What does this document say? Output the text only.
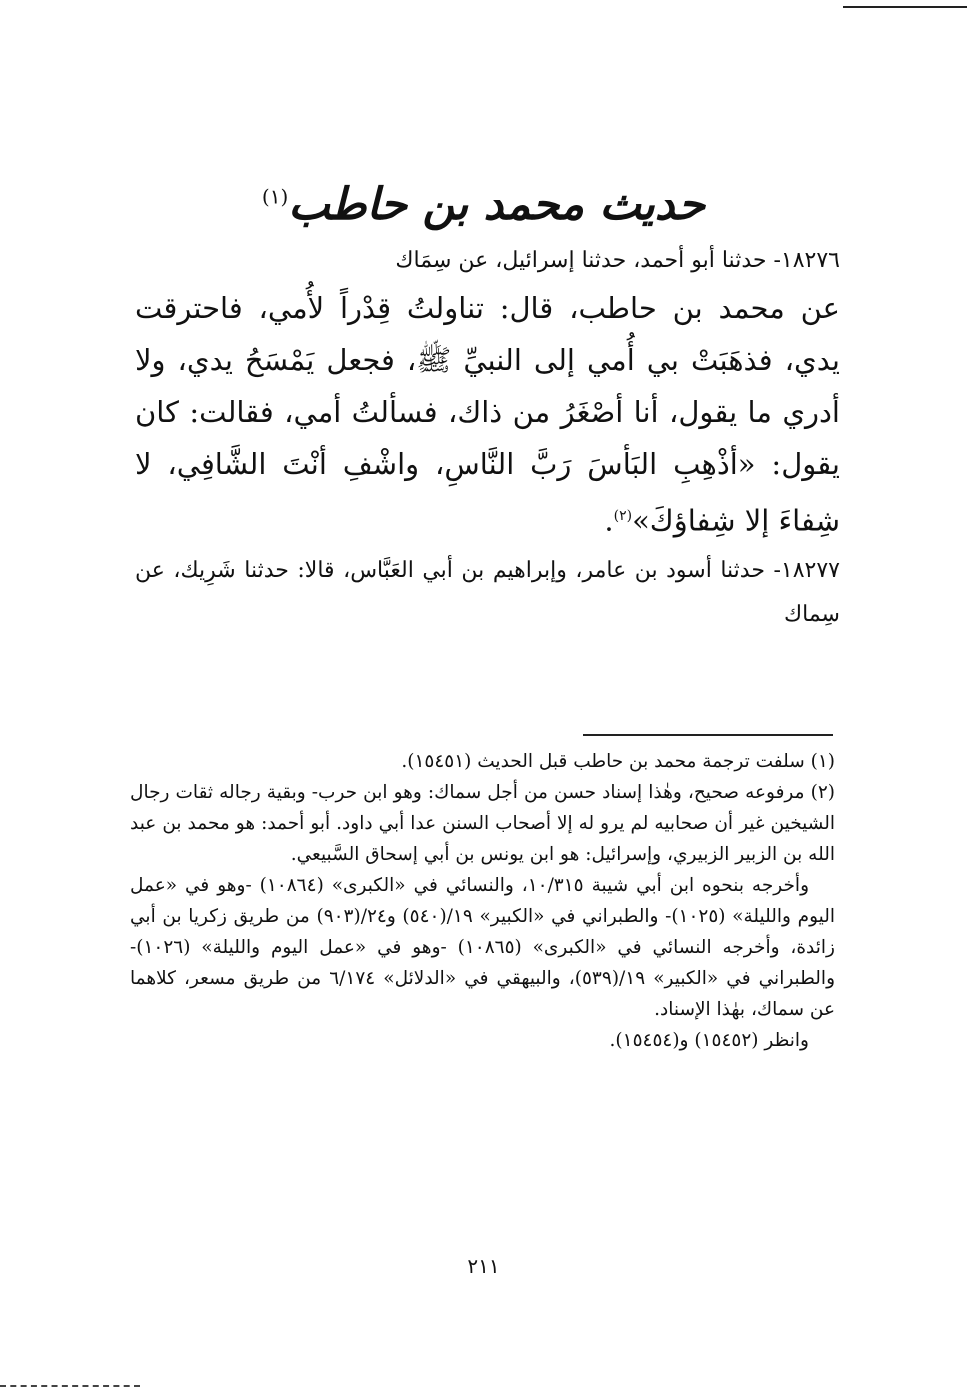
حديث محمد بن حاطب$^{(١)}$

١٨٢٧٦- حدثنا أبو أحمد، حدثنا إسرائيل، عن سِمَاك

عن محمد بن حاطب، قال: تناولتُ قِدْراً لأُمي، فاحترقت يدي، فذهَبَتْ بي أُمي إلى النبيِّ ﷺ، فجعل يَمْسَحُ يدي، ولا أدري ما يقول، أنا أصْغَرُ من ذاك، فسألتُ أمي، فقالت: كان يقول: «أذْهِبِ البَأسَ رَبَّ النَّاسِ، واشْفِ أنْتَ الشَّافِي، لا شِفاءَ إلا شِفاؤكَ»$^{(٢)}$.

١٨٢٧٧- حدثنا أسود بن عامر، وإبراهيم بن أبي العَبَّاس، قالا: حدثنا شَرِيك، عن سِماك

(١) سلفت ترجمة محمد بن حاطب قبل الحديث (١٥٤٥١).

(٢) مرفوعه صحيح، وهٰذا إسناد حسن من أجل سماك: وهو ابن حرب- وبقية رجاله ثقات رجال الشيخين غير أن صحابيه لم يرو له إلا أصحاب السنن عدا أبي داود. أبو أحمد: هو محمد بن عبد الله بن الزبير الزبيري، وإسرائيل: هو ابن يونس بن أبي إسحاق السَّبيعي.

وأخرجه بنحوه ابن أبي شيبة ١٠/٣١٥، والنسائي في «الكبرى» (١٠٨٦٤) -وهو في «عمل اليوم والليلة» (١٠٢٥)- والطبراني في «الكبير» ١٩/(٥٤٠) و٢٤/(٩٠٣) من طريق زكريا بن أبي زائدة، وأخرجه النسائي في «الكبرى» (١٠٨٦٥) -وهو في «عمل اليوم والليلة» (١٠٢٦)- والطبراني في «الكبير» ١٩/(٥٣٩)، والبيهقي في «الدلائل» ٦/١٧٤ من طريق مسعر، كلاهما عن سماك، بهٰذا الإسناد.

وانظر (١٥٤٥٢) و(١٥٤٥٤).

٢١١
